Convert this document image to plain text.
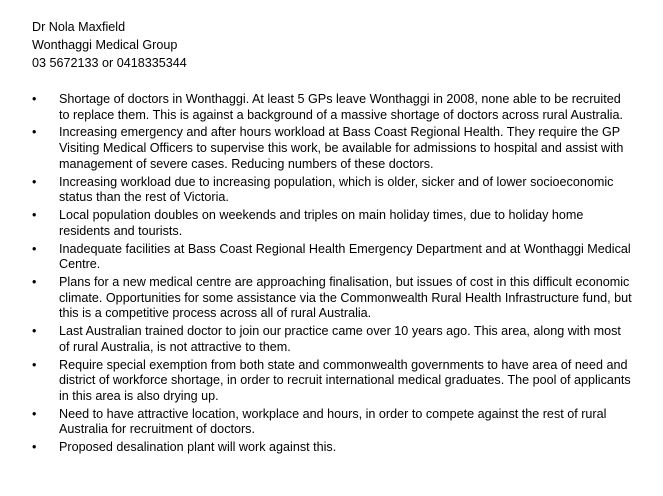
Dr Nola Maxfield
Wonthaggi Medical Group
03 5672133 or 0418335344
•	Shortage of doctors in Wonthaggi. At least 5 GPs leave Wonthaggi in 2008, none able to be recruited to replace them. This is against a background of a massive shortage of doctors across rural Australia.
•	Increasing emergency and after hours workload at Bass Coast Regional Health. They require the GP Visiting Medical Officers to supervise this work, be available for admissions to hospital and assist with management of severe cases. Reducing numbers of these doctors.
•	Increasing workload due to increasing population, which is older, sicker and of lower socioeconomic status than the rest of Victoria.
•	Local population doubles on weekends and triples on main holiday times, due to holiday home residents and tourists.
•	Inadequate facilities at Bass Coast Regional Health Emergency Department and at Wonthaggi Medical Centre.
•	Plans for a new medical centre are approaching finalisation, but issues of cost in this difficult economic climate. Opportunities for some assistance via the Commonwealth Rural Health Infrastructure fund, but this is a competitive process across all of rural Australia.
•	Last Australian trained doctor to join our practice came over 10 years ago. This area, along with most of rural Australia, is not attractive to them.
•	Require special exemption from both state and commonwealth governments to have area of need and district of workforce shortage, in order to recruit international medical graduates. The pool of applicants in this area is also drying up.
•	Need to have attractive location, workplace and hours, in order to compete against the rest of rural Australia for recruitment of doctors.
•	Proposed desalination plant will work against this.
